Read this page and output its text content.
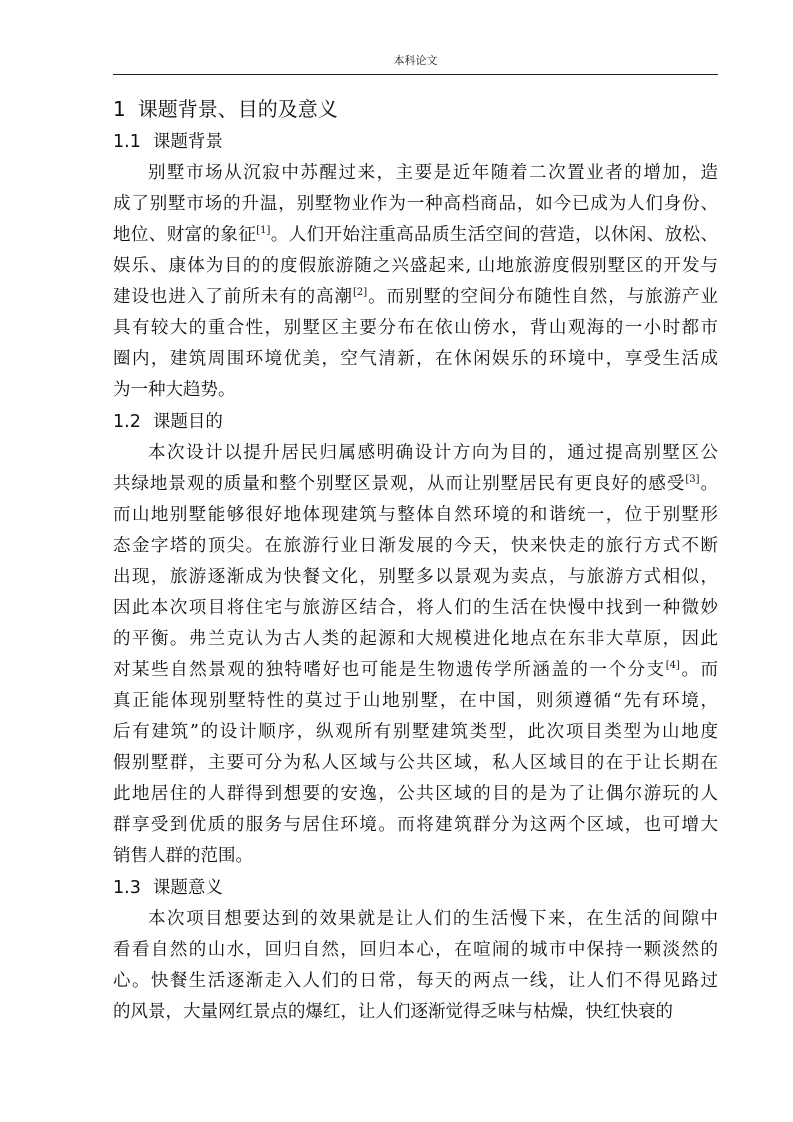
本科论文
1 课题背景、目的及意义
1.1 课题背景
别墅市场从沉寂中苏醒过来，主要是近年随着二次置业者的增加，造
成了别墅市场的升温，别墅物业作为一种高档商品，如今已成为人们身份、
地位、财富的象征[1]。人们开始注重高品质生活空间的营造，以休闲、放松、
娱乐、康体为目的的度假旅游随之兴盛起来, 山地旅游度假别墅区的开发与
建设也进入了前所未有的高潮[2]。而别墅的空间分布随性自然，与旅游产业
具有较大的重合性，别墅区主要分布在依山傍水，背山观海的一小时都市
圈内，建筑周围环境优美，空气清新，在休闲娱乐的环境中，享受生活成
为一种大趋势。
1.2 课题目的
本次设计以提升居民归属感明确设计方向为目的，通过提高别墅区公
共绿地景观的质量和整个别墅区景观，从而让别墅居民有更良好的感受[3]。
而山地别墅能够很好地体现建筑与整体自然环境的和谐统一，位于别墅形
态金字塔的顶尖。在旅游行业日渐发展的今天，快来快走的旅行方式不断
出现，旅游逐渐成为快餐文化，别墅多以景观为卖点，与旅游方式相似，
因此本次项目将住宅与旅游区结合，将人们的生活在快慢中找到一种微妙
的平衡。弗兰克认为古人类的起源和大规模进化地点在东非大草原，因此
对某些自然景观的独特嗜好也可能是生物遗传学所涵盖的一个分支[4]。而
真正能体现别墅特性的莫过于山地别墅，在中国，则须遵循“先有环境，
后有建筑”的设计顺序，纵观所有别墅建筑类型，此次项目类型为山地度
假别墅群，主要可分为私人区域与公共区域，私人区域目的在于让长期在
此地居住的人群得到想要的安逸，公共区域的目的是为了让偶尔游玩的人
群享受到优质的服务与居住环境。而将建筑群分为这两个区域，也可增大
销售人群的范围。
1.3 课题意义
本次项目想要达到的效果就是让人们的生活慢下来，在生活的间隙中
看看自然的山水，回归自然，回归本心，在喧闹的城市中保持一颗淡然的
心。快餐生活逐渐走入人们的日常，每天的两点一线，让人们不得见路过
的风景，大量网红景点的爆红，让人们逐渐觉得乏味与枯燥，快红快衰的
